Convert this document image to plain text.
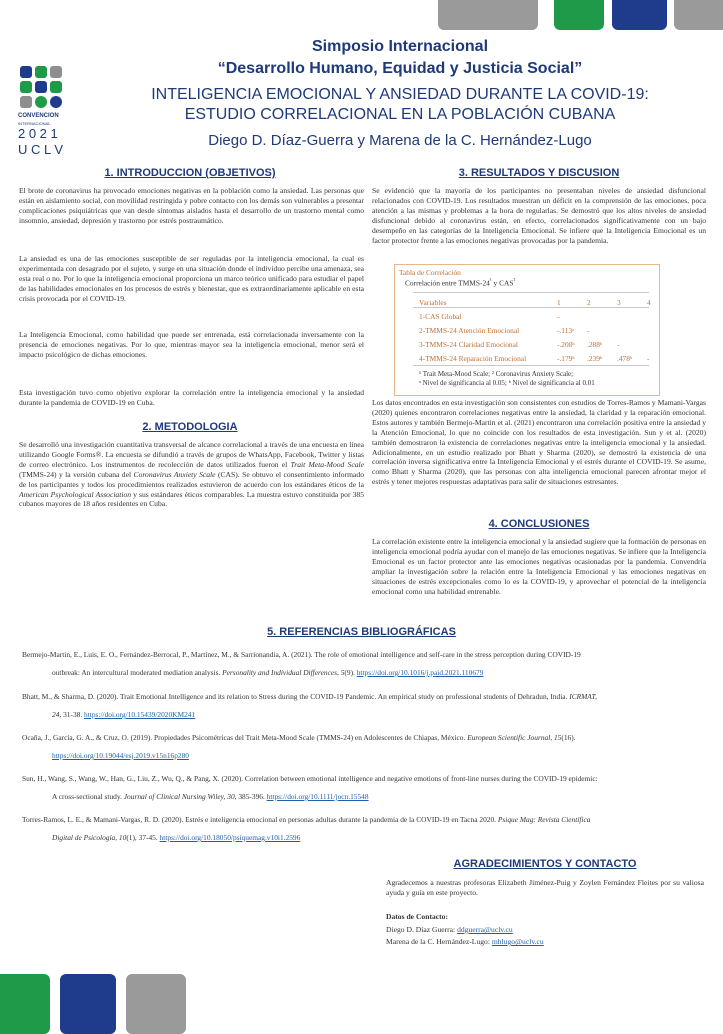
CONVENCION
INTERNACIONAL
2 0 2 1
U C L V
Simposio Internacional
“Desarrollo Humano, Equidad y Justicia Social”
INTELIGENCIA EMOCIONAL Y ANSIEDAD DURANTE LA COVID-19:
ESTUDIO CORRELACIONAL EN LA POBLACIÓN CUBANA
Diego D. Díaz-Guerra y Marena de la C. Hernández-Lugo
1. INTRODUCCION (OBJETIVOS)
El brote de coronavirus ha provocado emociones negativas en la población como la ansiedad. Las personas que están en aislamiento social, con movilidad restringida y pobre contacto con los demás son vulnerables a presentar complicaciones psiquiátricas que van desde síntomas aislados hasta el desarrollo de un trastorno mental como insomnio, ansiedad, depresión y trastorno por estrés postraumático.
La ansiedad es una de las emociones susceptible de ser reguladas por la inteligencia emocional, la cual es experimentada con desagrado por el sujeto, y surge en una situación donde el individuo percibe una amenaza, sea esta real o no. Por lo que la inteligencia emocional proporciona un marco teórico unificado para estudiar el papel de las habilidades emocionales en los procesos de estrés y bienestar, que es extraordinariamente aplicable en esta crisis provocada por el COVID-19.
La Inteligencia Emocional, como habilidad que puede ser entrenada, está correlacionada inversamente con la presencia de emociones negativas. Por lo que, mientras mayor sea la inteligencia emocional, menor será el impacto psicológico de dichas emociones.
Esta investigación tuvo como objetivo explorar la correlación entre la inteligencia emocional y la ansiedad durante la pandemia de COVID-19 en Cuba.
2. METODOLOGIA
Se desarrolló una investigación cuantitativa transversal de alcance correlacional a través de una encuesta en línea utilizando Google Forms®. La encuesta se difundió a través de grupos de WhatsApp, Facebook, Twitter y listas de correo electrónico. Los instrumentos de recolección de datos utilizados fueron el Trait Meta-Mood Scale (TMMS-24) y la versión cubana del Coronavirus Anxiety Scale (CAS). Se obtuvo el consentimiento informado de los participantes y todos los procedimientos realizados estuvieron de acuerdo con los estándares éticos de la American Psychological Association y sus estándares éticos comparables. La muestra estuvo constituida por 385 cubanos mayores de 18 años residentes en Cuba.
3. RESULTADOS Y DISCUSION
Se evidenció que la mayoría de los participantes no presentaban niveles de ansiedad disfuncional relacionados con COVID-19. Los resultados muestran un déficit en la comprensión de las emociones, poca atención a las mismas y problemas a la hora de regularlas. Se demostró que los altos niveles de ansiedad disfuncional debido al coronavirus están, en efecto, correlacionados significativamente con un bajo desempeño en las categorías de la Inteligencia Emocional. Se infiere que la Inteligencia Emocional es un factor protector frente a las emociones negativas provocadas por la pandemia.
Tabla de Correlación
Correlación entre TMMS-$24^{^1}$ y $CAS^{^2}$
Variables	1	2	3	4
1-CAS Global	-			
2-TMMS-24 Atención Emocional	-.113ᵃ	-		
3-TMMS-24 Claridad Emocional	-.208ᵇ	.288ᵇ	-	
4-TMMS-24 Reparación Emocional	-.179ᵇ	.239ᵇ	.478ᵇ	-
¹ Trait Meta-Mood Scale; ² Coronavirus Anxiety Scale;
ᵃ Nivel de significancia al 0.05; ᵇ Nivel de significancia al 0.01
Los datos encontrados en esta investigación son consistentes con estudios de Torres-Ramos y Mamani-Vargas (2020) quienes encontraron correlaciones negativas entre la ansiedad, la claridad y la reparación emocional. Estos autores y también Bermejo-Martin et al. (2021) encontraron una correlación positiva entre la ansiedad y la Atención Emocional, lo que no coincide con los resultados de esta investigación. Sun y et al. (2020) también demostraron la existencia de correlaciones negativas entre la inteligencia emocional y la ansiedad. Adicionalmente, en un estudio realizado por Bhatt y Sharma (2020), se demostró la existencia de una correlación inversa significativa entre la Inteligencia Emocional y el estrés durante el COVID-19. Se asume, como Bhatt y Sharma (2020), que las personas con alta inteligencia emocional parecen afrontar mejor el estrés y tener mejores respuestas adaptativas para salir de situaciones estresantes.
4. CONCLUSIONES
La correlación existente entre la inteligencia emocional y la ansiedad sugiere que la formación de personas en inteligencia emocional podría ayudar con el manejo de las emociones negativas. Se infiere que la Inteligencia Emocional es un factor protector ante las emociones negativas ocasionadas por la pandemia. Convendría ampliar la investigación sobre la relación entre la Inteligencia Emocional y las emociones negativas en situaciones de estrés excepcionales como lo es la COVID-19, y aprovechar el potencial de la inteligencia emocional como una habilidad entrenable.
5. REFERENCIAS BIBLIOGRÁFICAS
Bermejo-Martin, E., Luis, E. O., Fernández-Berrocal, P., Martínez, M., & Sarrionandia, A. (2021). The role of emotional intelligence and self-care in the stress perception during COVID-19
outbreak: An intercultural moderated mediation analysis. Personality and Individual Differences, 5(9). https://doi.org/10.1016/j.paid.2021.110679
Bhatt, M., & Sharma, D. (2020). Trait Emotional Intelligence and its relation to Stress during the COVID-19 Pandemic. An empirical study on professional students of Dehradun, India. ICRMAT,
24, 31-38. https://doi.org/10.15439/2020KM241
Ocaña, J., García, G. A., & Cruz, O. (2019). Propiedades Psicométricas del Trait Meta-Mood Scale (TMMS-24) en Adolescentes de Chiapas, México. European Scientific Journal, 15(16).
https://doi.org/10.19044/esj.2019.v15n16p280
Sun, H., Wang, S., Wang, W., Han, G., Liu, Z., Wu, Q., & Pang, X. (2020). Correlation between emotional intelligence and negative emotions of front-line nurses during the COVID-19 epidemic:
A cross-sectional study. Journal of Clinical Nursing Wiley, 30, 385-396. https://doi.org/10.1111/jocn.15548
Torres-Ramos, L. E., & Mamani-Vargas, R. D. (2020). Estrés e inteligencia emocional en personas adultas durante la pandemia de la COVID-19 en Tacna 2020. Psique Mag: Revista Científica
Digital de Psicología, 10(1), 37-45. https://doi.org/10.18050/psiquemag.v10i1.2596
AGRADECIMIENTOS Y CONTACTO
Agradecemos a nuestras profesoras Elizabeth Jiménez-Puig y Zoylen Fernández Fleites por su valiosa ayuda y guía en este proyecto.
Datos de Contacto:
Diego D. Díaz Guerra: ddguerra@uclv.cu
Marena de la C. Hernández-Lugo: mhlugo@uclv.cu
